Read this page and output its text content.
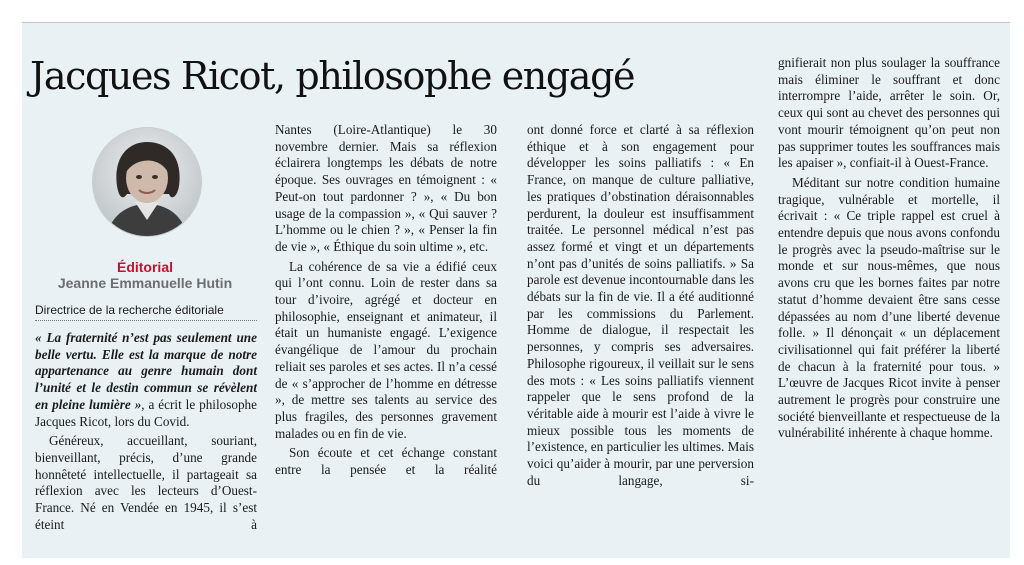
Jacques Ricot, philosophe engagé
Éditorial
Jeanne Emmanuelle Hutin
Directrice de la recherche éditoriale

« La fraternité n’est pas seulement une belle vertu. Elle est la marque de notre appartenance au genre humain dont l’unité et le destin commun se révèlent en pleine lumière », a écrit le philosophe Jacques Ricot, lors du Covid.

Généreux, accueillant, souriant, bienveillant, précis, d’une grande honnêteté intellectuelle, il partageait sa réflexion avec les lecteurs d’Ouest-France. Né en Vendée en 1945, il s’est éteint à

Nantes (Loire-Atlantique) le 30 novembre dernier. Mais sa réflexion éclairera longtemps les débats de notre époque. Ses ouvrages en témoignent : « Peut-on tout pardonner ? », « Du bon usage de la compassion », « Qui sauver ? L’homme ou le chien ? », « Penser la fin de vie », « Éthique du soin ultime », etc.

La cohérence de sa vie a édifié ceux qui l’ont connu. Loin de rester dans sa tour d’ivoire, agrégé et docteur en philosophie, enseignant et animateur, il était un humaniste engagé. L’exigence évangélique de l’amour du prochain reliait ses paroles et ses actes. Il n’a cessé de « s’approcher de l’homme en détresse », de mettre ses talents au service des plus fragiles, des personnes gravement malades ou en fin de vie.

Son écoute et cet échange constant entre la pensée et la réalité

ont donné force et clarté à sa réflexion éthique et à son engagement pour développer les soins palliatifs : « En France, on manque de culture palliative, les pratiques d’obstination déraisonnables perdurent, la douleur est insuffisamment traitée. Le personnel médical n’est pas assez formé et vingt et un départements n’ont pas d’unités de soins palliatifs. » Sa parole est devenue incontournable dans les débats sur la fin de vie. Il a été auditionné par les commissions du Parlement. Homme de dialogue, il respectait les personnes, y compris ses adversaires. Philosophe rigoureux, il veillait sur le sens des mots : « Les soins palliatifs viennent rappeler que le sens profond de la véritable aide à mourir est l’aide à vivre le mieux possible tous les moments de l’existence, en particulier les ultimes. Mais voici qu’aider à mourir, par une perversion du langage, si-

gnifierait non plus soulager la souffrance mais éliminer le souffrant et donc interrompre l’aide, arrêter le soin. Or, ceux qui sont au chevet des personnes qui vont mourir témoignent qu’on peut non pas supprimer toutes les souffrances mais les apaiser », confiait-il à Ouest-France.

Méditant sur notre condition humaine tragique, vulnérable et mortelle, il écrivait : « Ce triple rappel est cruel à entendre depuis que nous avons confondu le progrès avec la pseudo-maîtrise sur le monde et sur nous-mêmes, que nous avons cru que les bornes faites par notre statut d’homme devaient être sans cesse dépassées au nom d’une liberté devenue folle. » Il dénonçait « un déplacement civilisationnel qui fait préférer la liberté de chacun à la fraternité pour tous. » L’œuvre de Jacques Ricot invite à penser autrement le progrès pour construire une société bienveillante et respectueuse de la vulnérabilité inhérente à chaque homme.
